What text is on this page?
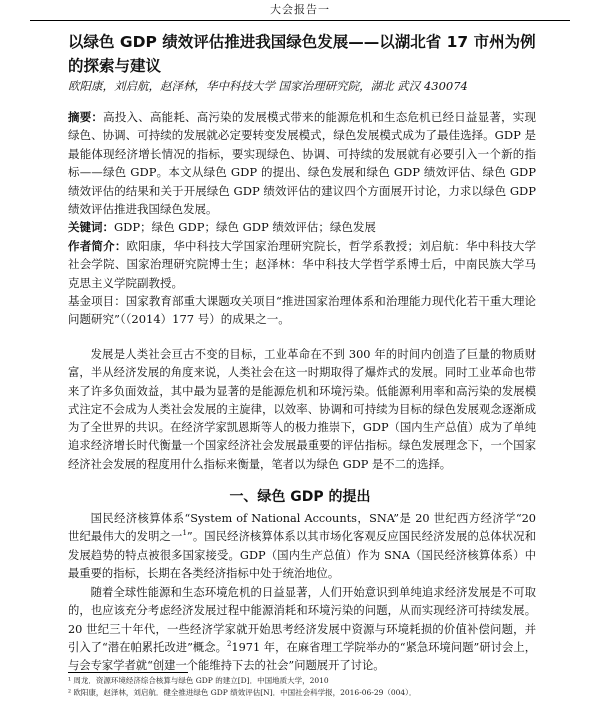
大会报告一
以绿色 GDP 绩效评估推进我国绿色发展——以湖北省 17 市州为例的探索与建议
欧阳康，刘启航，赵泽林，华中科技大学 国家治理研究院，湖北 武汉 430074
摘要：高投入、高能耗、高污染的发展模式带来的能源危机和生态危机已经日益显著，实现绿色、协调、可持续的发展就必定要转变发展模式，绿色发展模式成为了最佳选择。GDP 是最能体现经济增长情况的指标，要实现绿色、协调、可持续的发展就有必要引入一个新的指标——绿色 GDP。本文从绿色 GDP 的提出、绿色发展和绿色 GDP 绩效评估、绿色 GDP 绩效评估的结果和关于开展绿色 GDP 绩效评估的建议四个方面展开讨论，力求以绿色 GDP 绩效评估推进我国绿色发展。
关键词：GDP；绿色 GDP；绿色 GDP 绩效评估；绿色发展
作者简介：欧阳康，华中科技大学国家治理研究院长，哲学系教授；刘启航：华中科技大学社会学院、国家治理研究院博士生；赵泽林：华中科技大学哲学系博士后，中南民族大学马克思主义学院副教授。
基金项目：国家教育部重大课题攻关项目“推进国家治理体系和治理能力现代化若干重大理论问题研究”（（2014）177 号）的成果之一。
发展是人类社会亘古不变的目标，工业革命在不到 300 年的时间内创造了巨量的物质财富，半从经济发展的角度来说，人类社会在这一时期取得了爆炸式的发展。同时工业革命也带来了许多负面效益，其中最为显著的是能源危机和环境污染。低能源利用率和高污染的发展模式注定不会成为人类社会发展的主旋律，以效率、协调和可持续为目标的绿色发展观念逐渐成为了全世界的共识。在经济学家凯恩斯等人的极力推崇下，GDP（国内生产总值）成为了单纯追求经济增长时代衡量一个国家经济社会发展最重要的评估指标。绿色发展理念下，一个国家经济社会发展的程度用什么指标来衡量，笔者以为绿色 GDP 是不二的选择。
一、绿色 GDP 的提出
国民经济核算体系“System of National Accounts，SNA”是 20 世纪西方经济学“20 世纪最伟大的发明之一$^1$”。国民经济核算体系以其市场化客观反应国民经济发展的总体状况和发展趋势的特点被很多国家接受。GDP（国内生产总值）作为 SNA（国民经济核算体系）中最重要的指标，长期在各类经济指标中处于统治地位。
随着全球性能源和生态环境危机的日益显著，人们开始意识到单纯追求经济发展是不可取的，也应该充分考虑经济发展过程中能源消耗和环境污染的问题，从而实现经济可持续发展。20 世纪三十年代，一些经济学家就开始思考经济发展中资源与环境耗损的价值补偿问题，并引入了“潜在帕累托改进”概念。$^2$1971 年，在麻省理工学院举办的“紧急环境问题”研讨会上，与会专家学者就“创建一个能维持下去的社会”问题展开了讨论。
¹ 周龙．资源环境经济综合核算与绿色 GDP 的建立[D]．中国地质大学，2010
² 欧阳康，赵泽林，刘启航．健全推进绿色 GDP 绩效评估[N]．中国社会科学报，2016-06-29（004）．
